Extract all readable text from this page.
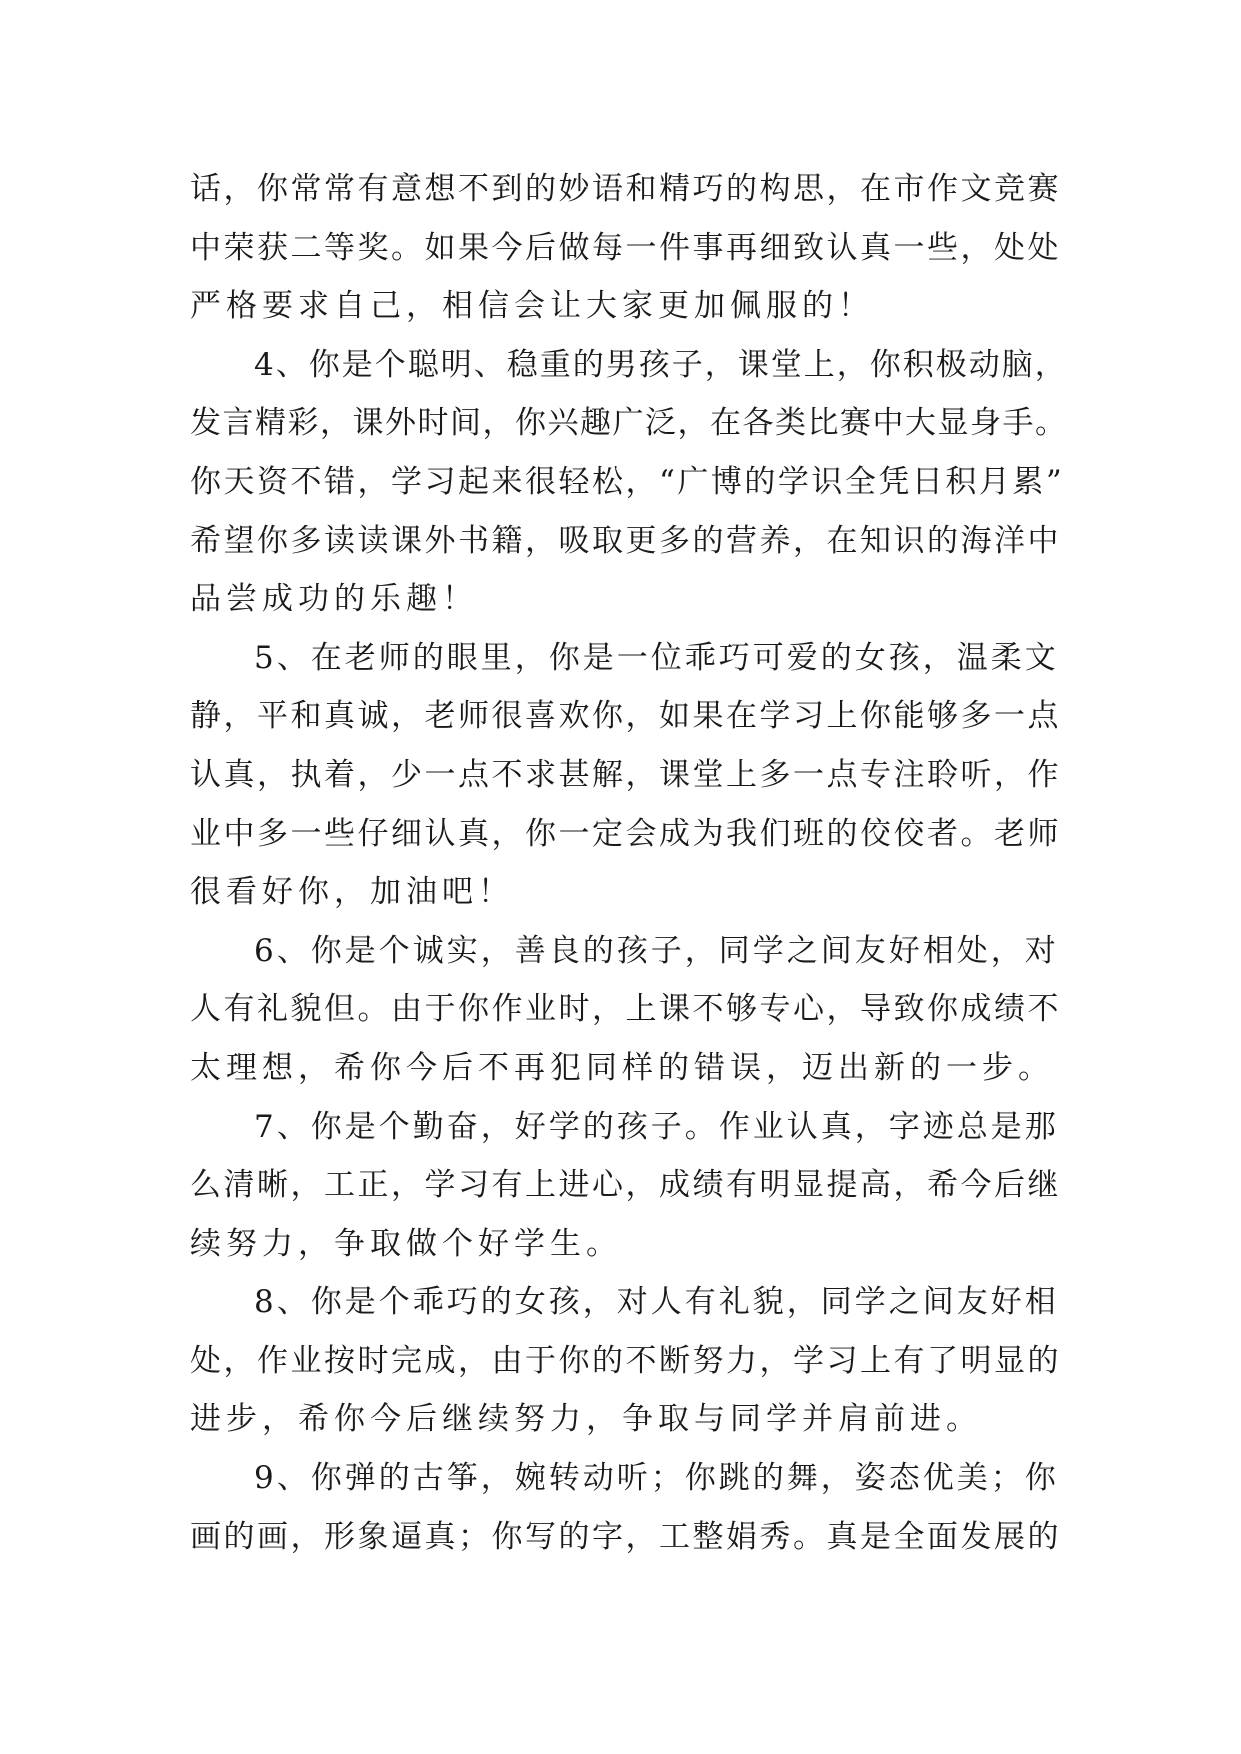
话，你常常有意想不到的妙语和精巧的构思，在市作文竞赛
中荣获二等奖。如果今后做每一件事再细致认真一些，处处
严格要求自己，相信会让大家更加佩服的！
4、你是个聪明、稳重的男孩子，课堂上，你积极动脑，
发言精彩，课外时间，你兴趣广泛，在各类比赛中大显身手。
你天资不错，学习起来很轻松，“广博的学识全凭日积月累”
希望你多读读课外书籍，吸取更多的营养，在知识的海洋中
品尝成功的乐趣！
5、在老师的眼里，你是一位乖巧可爱的女孩，温柔文
静，平和真诚，老师很喜欢你，如果在学习上你能够多一点
认真，执着，少一点不求甚解，课堂上多一点专注聆听，作
业中多一些仔细认真，你一定会成为我们班的佼佼者。老师
很看好你，加油吧！
6、你是个诚实，善良的孩子，同学之间友好相处，对
人有礼貌但。由于你作业时，上课不够专心，导致你成绩不
太理想，希你今后不再犯同样的错误，迈出新的一步。
7、你是个勤奋，好学的孩子。作业认真，字迹总是那
么清晰，工正，学习有上进心，成绩有明显提高，希今后继
续努力，争取做个好学生。
8、你是个乖巧的女孩，对人有礼貌，同学之间友好相
处，作业按时完成，由于你的不断努力，学习上有了明显的
进步，希你今后继续努力，争取与同学并肩前进。
9、你弹的古筝，婉转动听；你跳的舞，姿态优美；你
画的画，形象逼真；你写的字，工整娟秀。真是全面发展的
